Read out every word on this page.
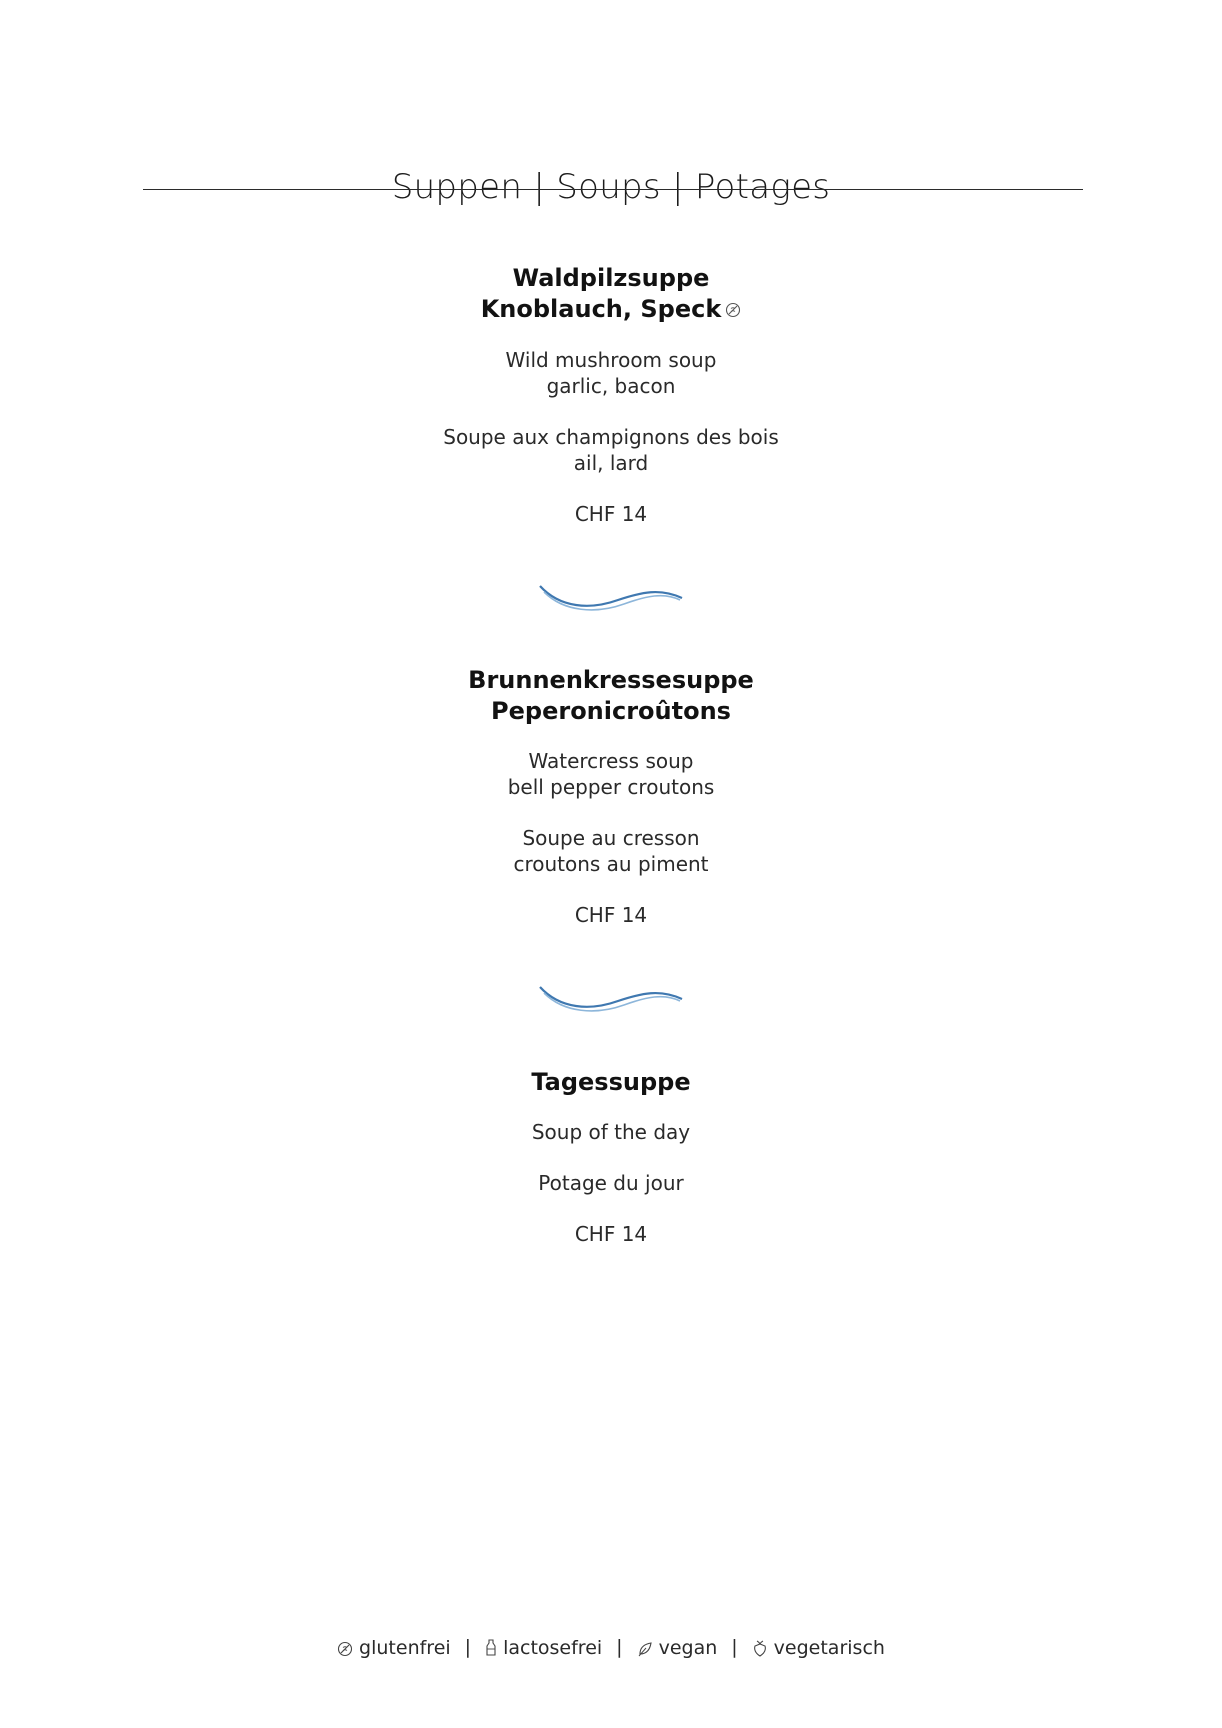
Suppen | Soups | Potages
Waldpilzsuppe
Knoblauch, Speck
Wild mushroom soup
garlic, bacon
Soupe aux champignons des bois
ail, lard
CHF 14
Brunnenkressesuppe
Peperonicroûtons
Watercress soup
bell pepper croutons
Soupe au cresson
croutons au piment
CHF 14
Tagessuppe
Soup of the day
Potage du jour
CHF 14
glutenfrei | lactosefrei | vegan | vegetarisch
